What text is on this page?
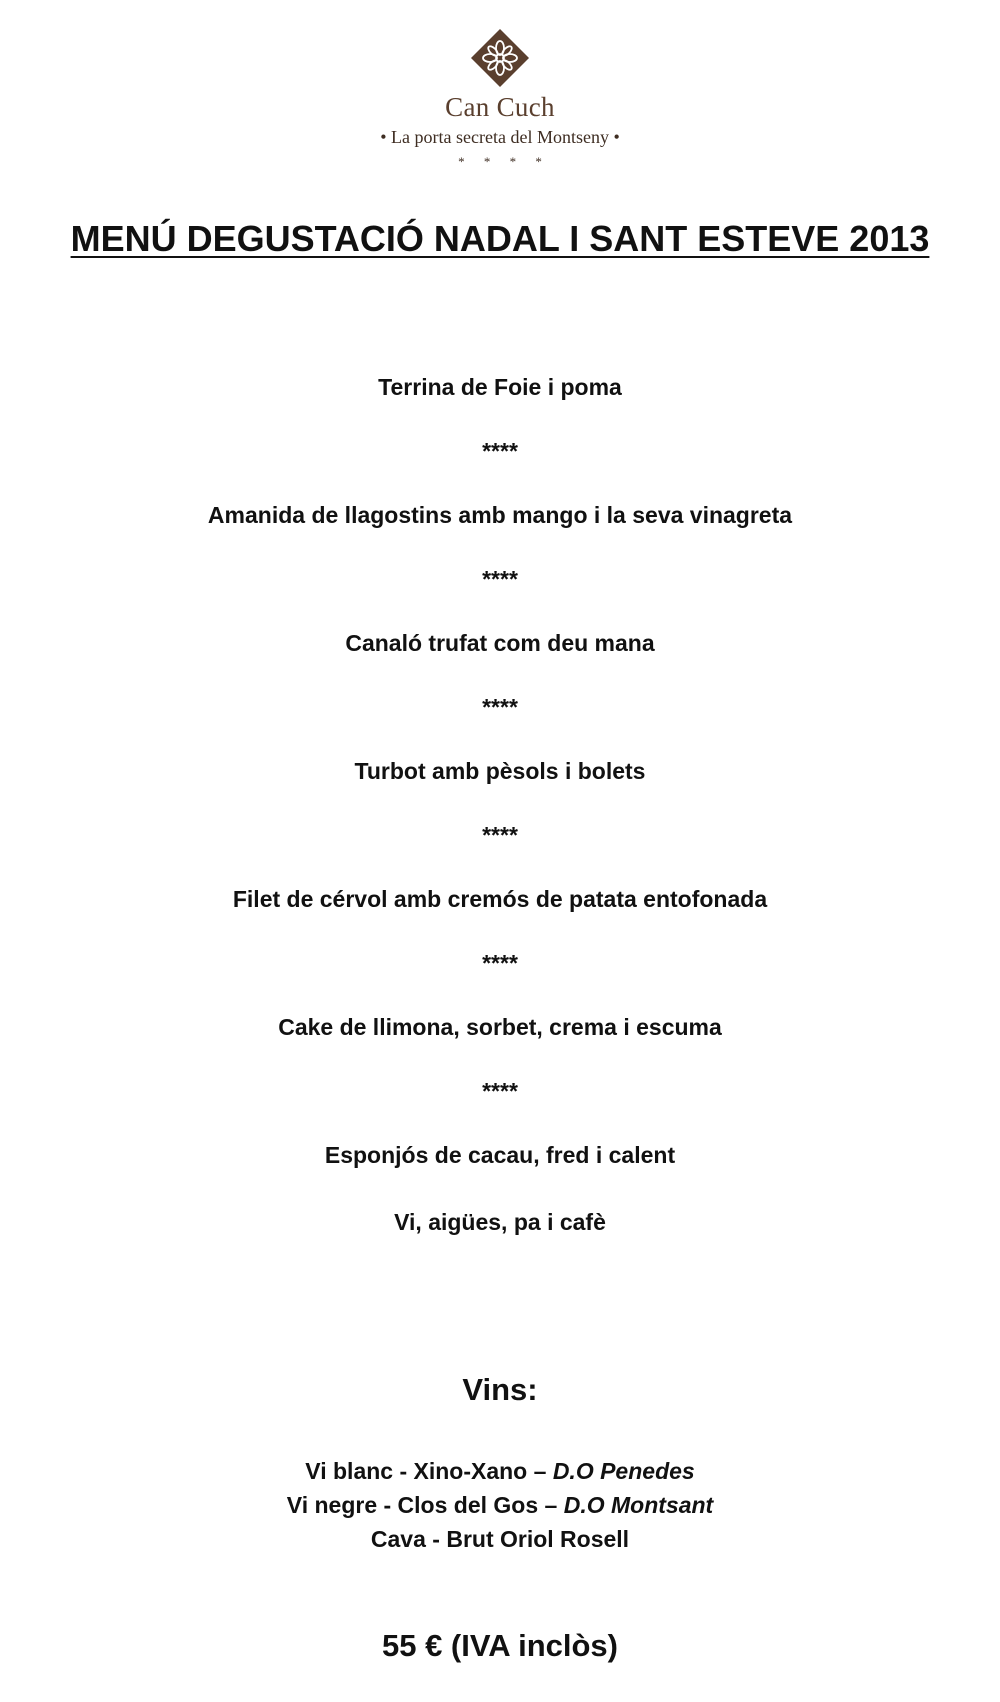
Can Cuch
• La porta secreta del Montseny •
* * * *
MENÚ DEGUSTACIÓ NADAL I SANT ESTEVE 2013
Terrina de Foie i poma
****
Amanida de llagostins amb mango i la seva vinagreta
****
Canaló trufat com deu mana
****
Turbot amb pèsols i bolets
****
Filet de cérvol amb cremós de patata entofonada
****
Cake de llimona, sorbet, crema i escuma
****
Esponjós de cacau, fred i calent
Vi, aigües, pa i cafè
Vins:
Vi blanc - Xino-Xano – D.O Penedes
Vi negre - Clos del Gos – D.O Montsant
Cava - Brut Oriol Rosell
55 € (IVA inclòs)
